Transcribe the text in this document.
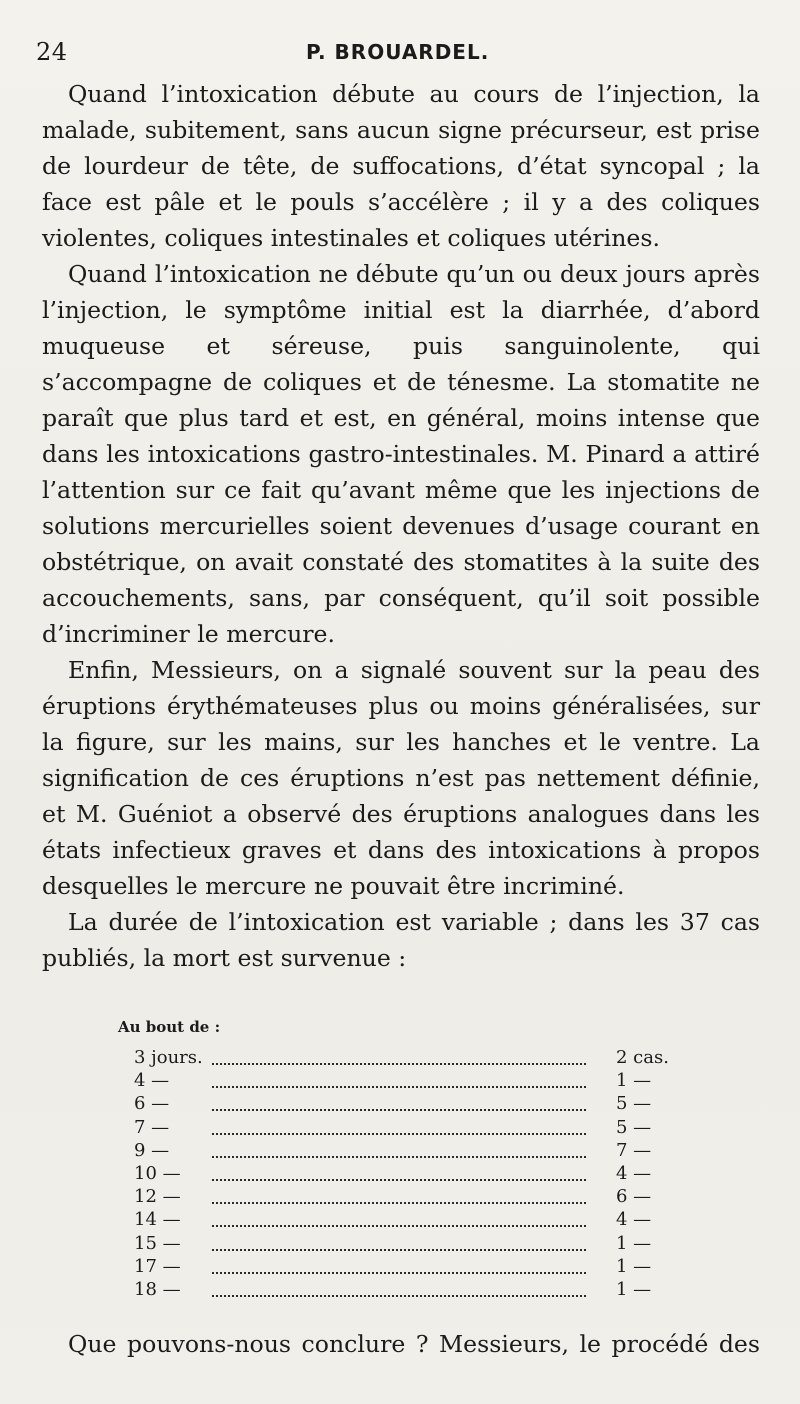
24	P. BROUARDEL.

Quand l’intoxication débute au cours de l’injection, la malade, subitement, sans aucun signe précurseur, est prise de lourdeur de tête, de suffocations, d’état syncopal ; la face est pâle et le pouls s’accélère ; il y a des coliques violentes, coliques intestinales et coliques utérines.

Quand l’intoxication ne débute qu’un ou deux jours après l’injection, le symptôme initial est la diarrhée, d’abord muqueuse et séreuse, puis sanguinolente, qui s’accompagne de coliques et de ténesme. La stomatite ne paraît que plus tard et est, en général, moins intense que dans les intoxications gastro-intestinales. M. Pinard a attiré l’attention sur ce fait qu’avant même que les injections de solutions mercurielles soient devenues d’usage courant en obstétrique, on avait constaté des stomatites à la suite des accouchements, sans, par conséquent, qu’il soit possible d’incriminer le mercure.

Enfin, Messieurs, on a signalé souvent sur la peau des éruptions érythémateuses plus ou moins généralisées, sur la figure, sur les mains, sur les hanches et le ventre. La signification de ces éruptions n’est pas nettement définie, et M. Guéniot a observé des éruptions analogues dans les états infectieux graves et dans des intoxications à propos desquelles le mercure ne pouvait être incriminé.

La durée de l’intoxication est variable ; dans les 37 cas publiés, la mort est survenue :

Au bout de :
3 jours.	2 cas.
4 —	1 —
6 —	5 —
7 —	5 —
9 —	7 —
10 —	4 —
12 —	6 —
14 —	4 —
15 —	1 —
17 —	1 —
18 —	1 —
Que pouvons-nous conclure ? Messieurs, le procédé des
